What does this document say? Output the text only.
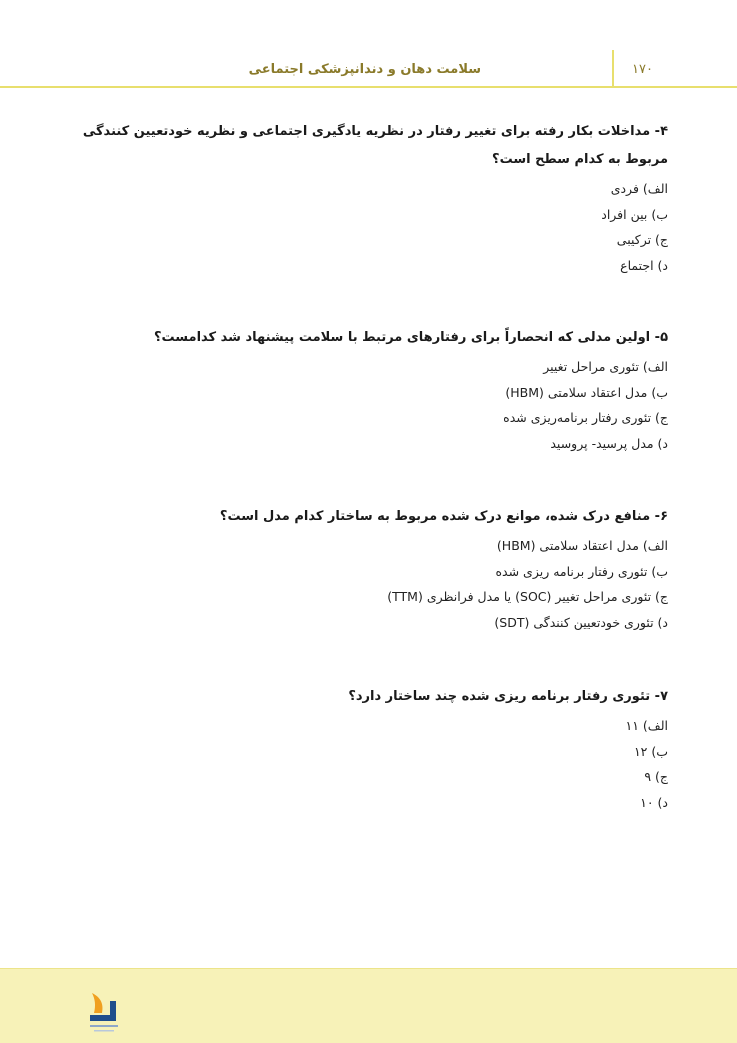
سلامت دهان و دندانپزشکی اجتماعی	۱۷۰

۴- مداخلات بکار رفته برای تغییر رفتار در نظریه یادگیری اجتماعی و نظریه خودتعیین کنندگی مربوط به کدام سطح است؟

الف) فردی
ب) بین افراد
ج) ترکیبی
د) اجتماع

۵- اولین مدلی که انحصاراً برای رفتارهای مرتبط با سلامت پیشنهاد شد کدامست؟

الف) تئوری مراحل تغییر
ب) مدل اعتقاد سلامتی (HBM)
ج) تئوری رفتار برنامه‌ریزی شده
د) مدل پرسید- پروسید

۶- منافع درک شده، موانع درک شده مربوط به ساختار کدام مدل است؟

الف) مدل اعتقاد سلامتی (HBM)
ب) تئوری رفتار برنامه ریزی شده
ج) تئوری مراحل تغییر (SOC) یا مدل فرانظری (TTM)
د) تئوری خودتعیین کنندگی (SDT)

۷- تئوری رفتار برنامه ریزی شده چند ساختار دارد؟

الف) ۱۱
ب) ۱۲
ج) ۹
د) ۱۰
